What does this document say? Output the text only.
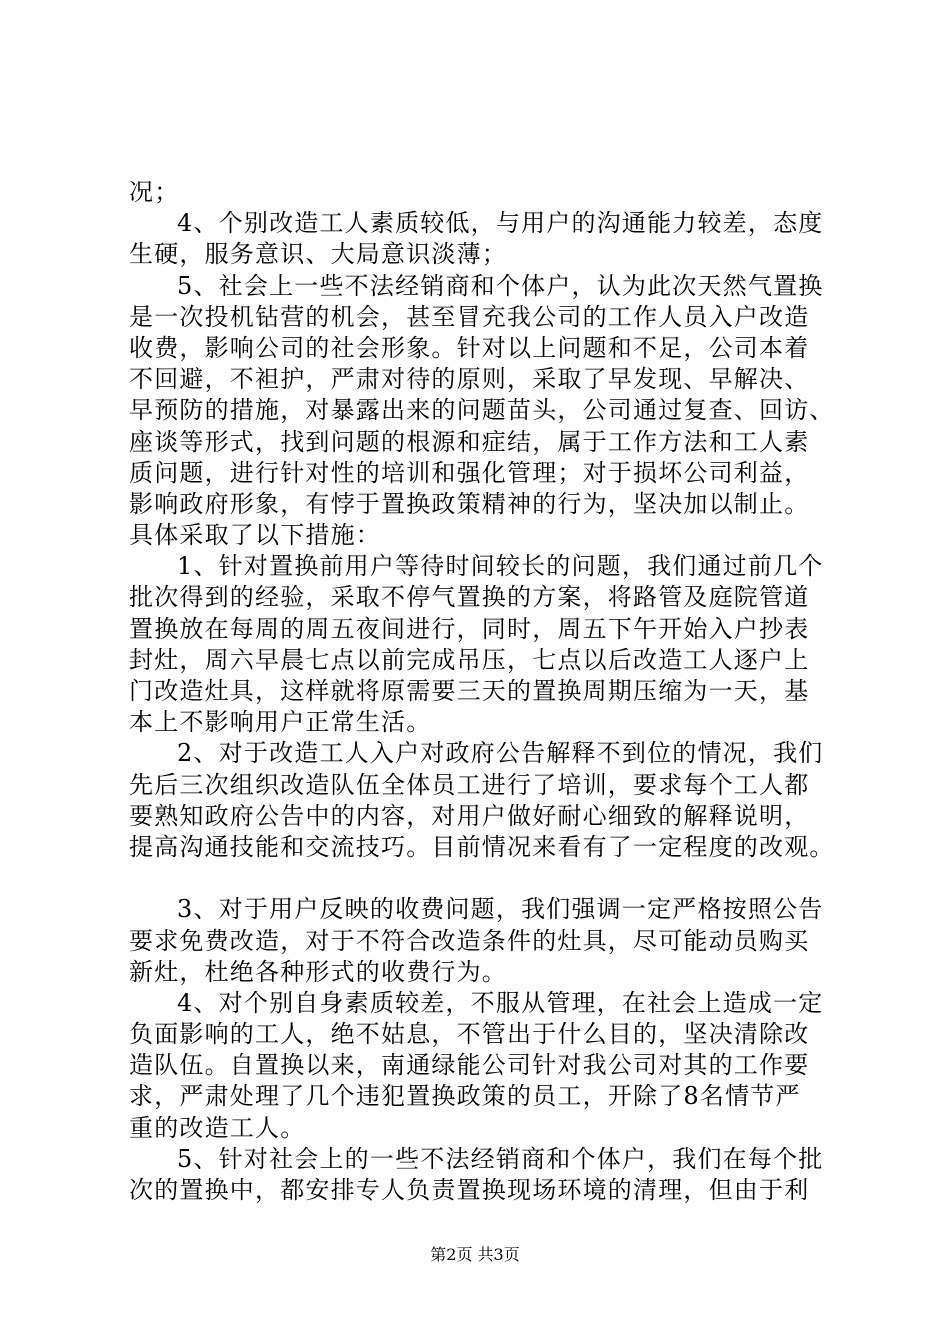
况；
4、个别改造工人素质较低，与用户的沟通能力较差，态度
生硬，服务意识、大局意识淡薄；
5、社会上一些不法经销商和个体户，认为此次天然气置换
是一次投机钻营的机会，甚至冒充我公司的工作人员入户改造
收费，影响公司的社会形象。针对以上问题和不足，公司本着
不回避，不袒护，严肃对待的原则，采取了早发现、早解决、
早预防的措施，对暴露出来的问题苗头，公司通过复查、回访、
座谈等形式，找到问题的根源和症结，属于工作方法和工人素
质问题，进行针对性的培训和强化管理；对于损坏公司利益，
影响政府形象，有悖于置换政策精神的行为，坚决加以制止。
具体采取了以下措施：
1、针对置换前用户等待时间较长的问题，我们通过前几个
批次得到的经验，采取不停气置换的方案，将路管及庭院管道
置换放在每周的周五夜间进行，同时，周五下午开始入户抄表
封灶，周六早晨七点以前完成吊压，七点以后改造工人逐户上
门改造灶具，这样就将原需要三天的置换周期压缩为一天，基
本上不影响用户正常生活。
2、对于改造工人入户对政府公告解释不到位的情况，我们
先后三次组织改造队伍全体员工进行了培训，要求每个工人都
要熟知政府公告中的内容，对用户做好耐心细致的解释说明，
提高沟通技能和交流技巧。目前情况来看有了一定程度的改观。
3、对于用户反映的收费问题，我们强调一定严格按照公告
要求免费改造，对于不符合改造条件的灶具，尽可能动员购买
新灶，杜绝各种形式的收费行为。
4、对个别自身素质较差，不服从管理，在社会上造成一定
负面影响的工人，绝不姑息，不管出于什么目的，坚决清除改
造队伍。自置换以来，南通绿能公司针对我公司对其的工作要
求，严肃处理了几个违犯置换政策的员工，开除了8名情节严
重的改造工人。
5、针对社会上的一些不法经销商和个体户，我们在每个批
次的置换中，都安排专人负责置换现场环境的清理，但由于利
第2页 共3页
